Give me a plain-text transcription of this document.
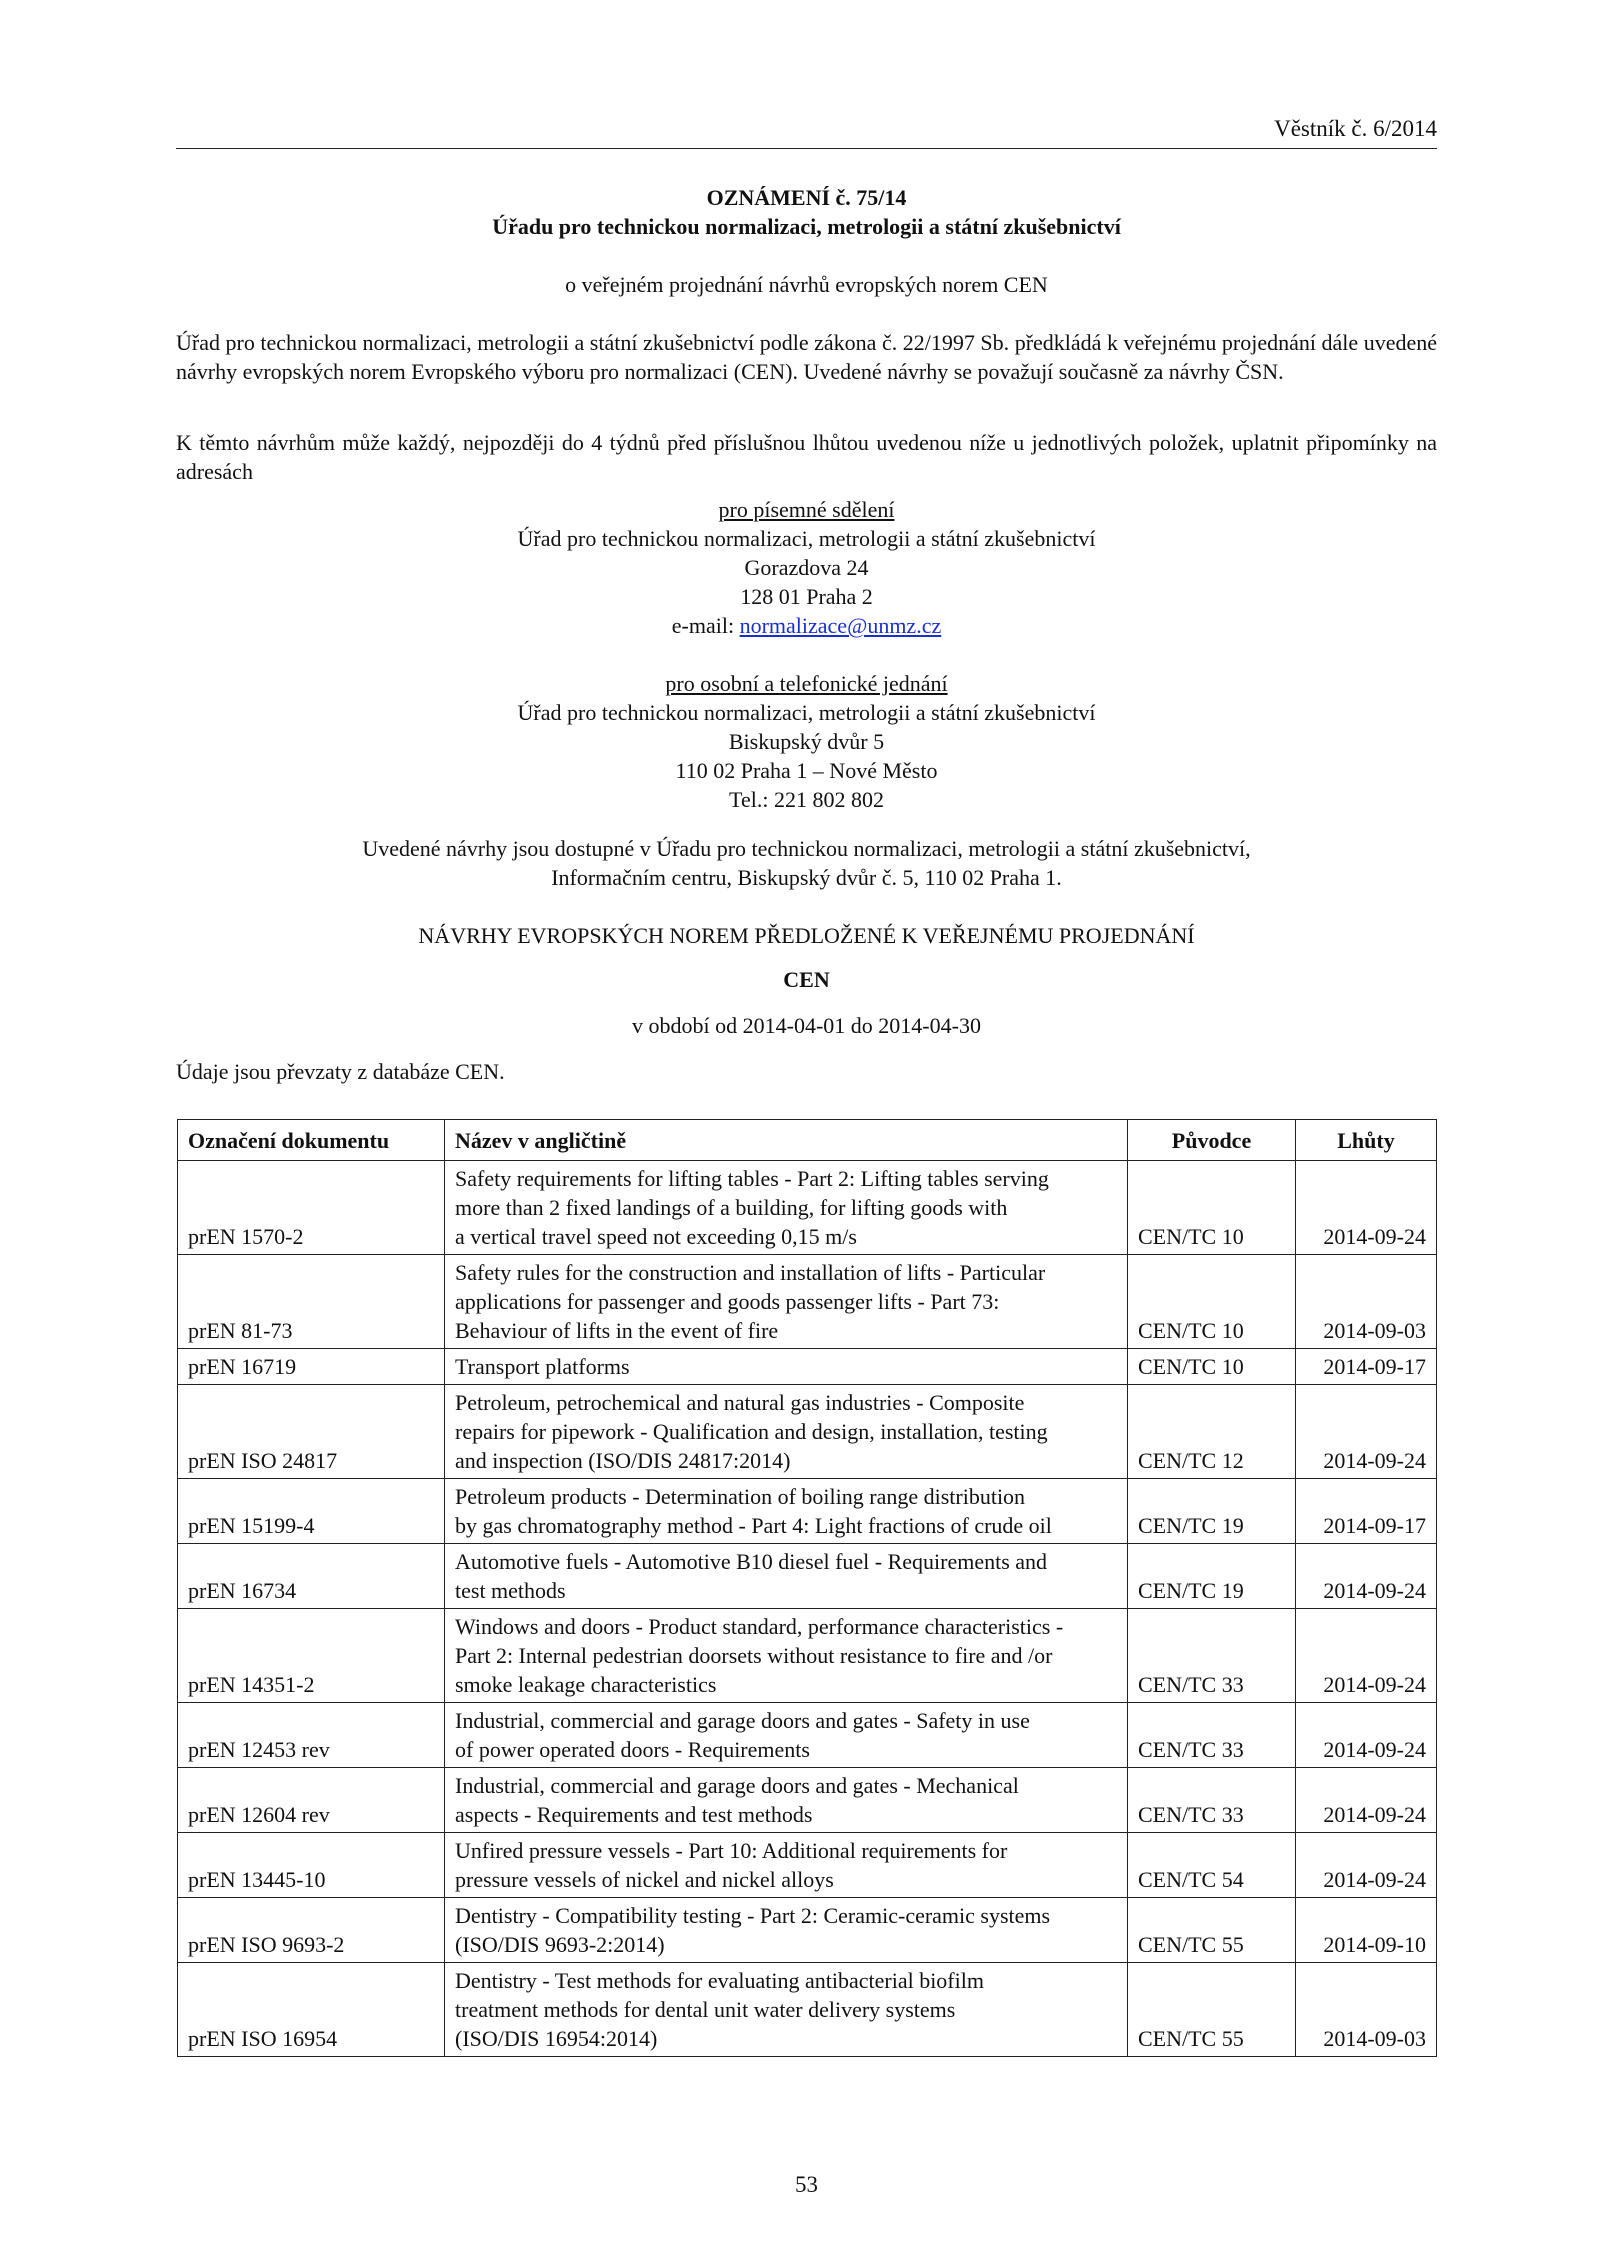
Věstník č. 6/2014
OZNÁMENÍ č. 75/14
Úřadu pro technickou normalizaci, metrologii a státní zkušebnictví
o veřejném projednání návrhů evropských norem CEN
Úřad pro technickou normalizaci, metrologii a státní zkušebnictví podle zákona č. 22/1997 Sb. předkládá k veřejnému projednání dále uvedené návrhy evropských norem Evropského výboru pro normalizaci (CEN). Uvedené návrhy se považují současně za návrhy ČSN.
K těmto návrhům může každý, nejpozději do 4 týdnů před příslušnou lhůtou uvedenou níže u jednotlivých položek, uplatnit připomínky na adresách
pro písemné sdělení
Úřad pro technickou normalizaci, metrologii a státní zkušebnictví
Gorazdova 24
128 01 Praha 2
e-mail: normalizace@unmz.cz
pro osobní a telefonické jednání
Úřad pro technickou normalizaci, metrologii a státní zkušebnictví
Biskupský dvůr 5
110 02 Praha 1 – Nové Město
Tel.: 221 802 802
Uvedené návrhy jsou dostupné v Úřadu pro technickou normalizaci, metrologii a státní zkušebnictví,
Informačním centru, Biskupský dvůr č. 5, 110 02 Praha 1.
NÁVRHY EVROPSKÝCH NOREM PŘEDLOŽENÉ K VEŘEJNÉMU PROJEDNÁNÍ
CEN
v období od 2014-04-01 do 2014-04-30
Údaje jsou převzaty z databáze CEN.
Označení dokumentu	Název v angličtině	Původce	Lhůty
prEN 1570-2	Safety requirements for lifting tables - Part 2: Lifting tables serving
more than 2 fixed landings of a building, for lifting goods with
a vertical travel speed not exceeding 0,15 m/s	CEN/TC 10	2014-09-24
prEN 81-73	Safety rules for the construction and installation of lifts - Particular
applications for passenger and goods passenger lifts - Part 73:
Behaviour of lifts in the event of fire	CEN/TC 10	2014-09-03
prEN 16719	Transport platforms	CEN/TC 10	2014-09-17
prEN ISO 24817	Petroleum, petrochemical and natural gas industries - Composite
repairs for pipework - Qualification and design, installation, testing
and inspection (ISO/DIS 24817:2014)	CEN/TC 12	2014-09-24
prEN 15199-4	Petroleum products - Determination of boiling range distribution
by gas chromatography method - Part 4: Light fractions of crude oil	CEN/TC 19	2014-09-17
prEN 16734	Automotive fuels - Automotive B10 diesel fuel - Requirements and
test methods	CEN/TC 19	2014-09-24
prEN 14351-2	Windows and doors - Product standard, performance characteristics -
Part 2: Internal pedestrian doorsets without resistance to fire and /or
smoke leakage characteristics	CEN/TC 33	2014-09-24
prEN 12453 rev	Industrial, commercial and garage doors and gates - Safety in use
of power operated doors - Requirements	CEN/TC 33	2014-09-24
prEN 12604 rev	Industrial, commercial and garage doors and gates - Mechanical
aspects - Requirements and test methods	CEN/TC 33	2014-09-24
prEN 13445-10	Unfired pressure vessels - Part 10: Additional requirements for
pressure vessels of nickel and nickel alloys	CEN/TC 54	2014-09-24
prEN ISO 9693-2	Dentistry - Compatibility testing - Part 2: Ceramic-ceramic systems
(ISO/DIS 9693-2:2014)	CEN/TC 55	2014-09-10
prEN ISO 16954	Dentistry - Test methods for evaluating antibacterial biofilm
treatment methods for dental unit water delivery systems
(ISO/DIS 16954:2014)	CEN/TC 55	2014-09-03
53
